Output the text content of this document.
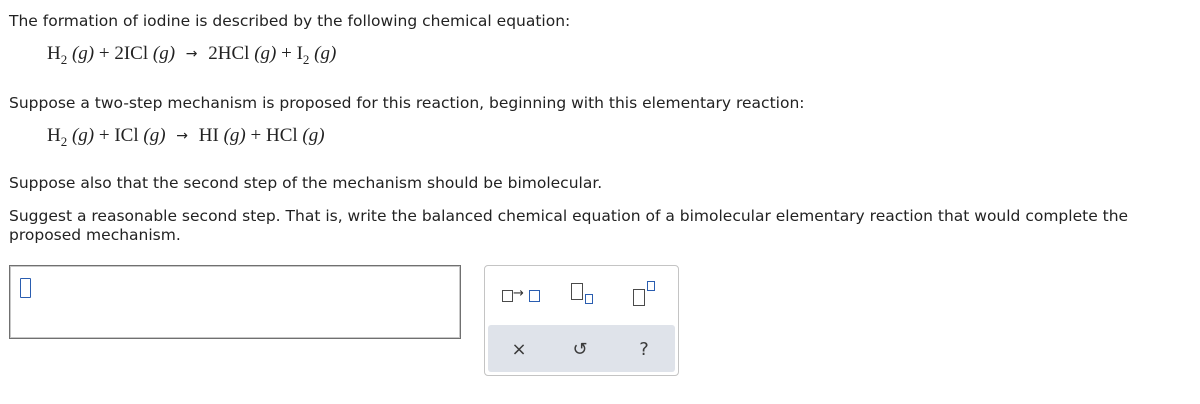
The formation of iodine is described by the following chemical equation:

$H_2$ (g) + 2ICl (g) → 2HCl $(g) + I_2$ (g)

Suppose a two-step mechanism is proposed for this reaction, beginning with this elementary reaction:

$H_2$ (g) + ICl (g) → HI (g) + HCl (g)

Suppose also that the second step of the mechanism should be bimolecular.

Suggest a reasonable second step. That is, write the balanced chemical equation of a bimolecular elementary reaction that would complete the proposed mechanism.

→
×	↺	?
